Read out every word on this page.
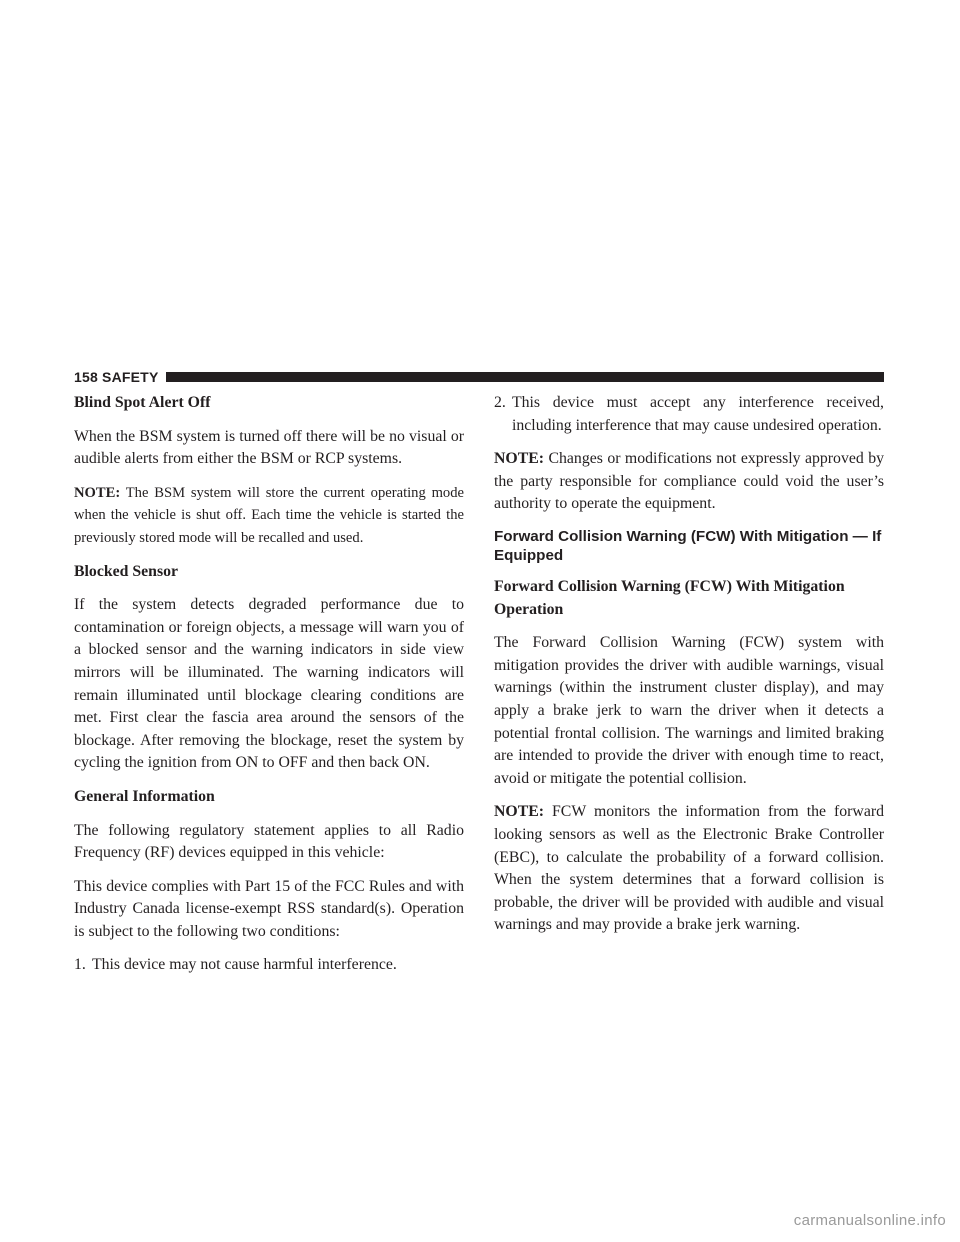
158 SAFETY
Blind Spot Alert Off

When the BSM system is turned off there will be no visual or audible alerts from either the BSM or RCP systems.

NOTE: The BSM system will store the current operating mode when the vehicle is shut off. Each time the vehicle is started the previously stored mode will be recalled and used.

Blocked Sensor

If the system detects degraded performance due to contamination or foreign objects, a message will warn you of a blocked sensor and the warning indicators in side view mirrors will be illuminated. The warning indicators will remain illuminated until blockage clearing conditions are met. First clear the fascia area around the sensors of the blockage. After removing the blockage, reset the system by cycling the ignition from ON to OFF and then back ON.

General Information

The following regulatory statement applies to all Radio Frequency (RF) devices equipped in this vehicle:

This device complies with Part 15 of the FCC Rules and with Industry Canada license-exempt RSS standard(s). Operation is subject to the following two conditions:

1. This device may not cause harmful interference.
2. This device must accept any interference received, including interference that may cause undesired operation.

NOTE: Changes or modifications not expressly approved by the party responsible for compliance could void the user’s authority to operate the equipment.

Forward Collision Warning (FCW) With Mitigation — If Equipped
Forward Collision Warning (FCW) With Mitigation Operation

The Forward Collision Warning (FCW) system with mitigation provides the driver with audible warnings, visual warnings (within the instrument cluster display), and may apply a brake jerk to warn the driver when it detects a potential frontal collision. The warnings and limited braking are intended to provide the driver with enough time to react, avoid or mitigate the potential collision.

NOTE: FCW monitors the information from the forward looking sensors as well as the Electronic Brake Controller (EBC), to calculate the probability of a forward collision. When the system determines that a forward collision is probable, the driver will be provided with audible and visual warnings and may provide a brake jerk warning.

carmanualsonline.info
